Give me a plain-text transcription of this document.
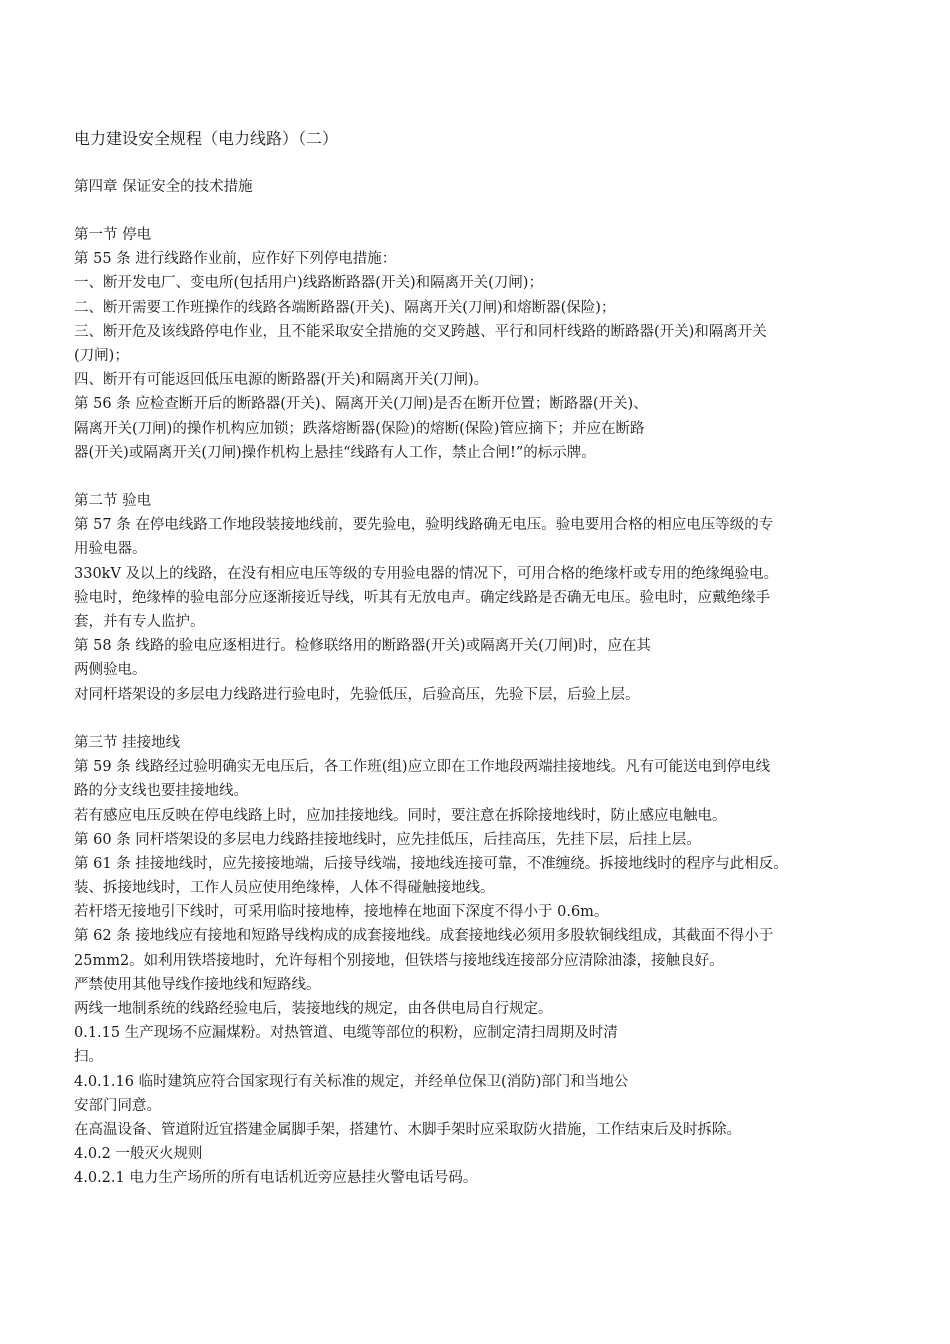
电力建设安全规程（电力线路）（二）
第四章 保证安全的技术措施
第一节 停电
第 55 条 进行线路作业前，应作好下列停电措施：
一、断开发电厂、变电所(包括用户)线路断路器(开关)和隔离开关(刀闸)；
二、断开需要工作班操作的线路各端断路器(开关)、隔离开关(刀闸)和熔断器(保险)；
三、断开危及该线路停电作业，且不能采取安全措施的交叉跨越、平行和同杆线路的断路器(开关)和隔离开关
(刀闸)；
四、断开有可能返回低压电源的断路器(开关)和隔离开关(刀闸)。
第 56 条 应检查断开后的断路器(开关)、隔离开关(刀闸)是否在断开位置；断路器(开关)、
隔离开关(刀闸)的操作机构应加锁；跌落熔断器(保险)的熔断(保险)管应摘下；并应在断路
器(开关)或隔离开关(刀闸)操作机构上悬挂“线路有人工作，禁止合闸!”的标示牌。
第二节 验电
第 57 条 在停电线路工作地段装接地线前，要先验电，验明线路确无电压。验电要用合格的相应电压等级的专
用验电器。
330kV 及以上的线路，在没有相应电压等级的专用验电器的情况下，可用合格的绝缘杆或专用的绝缘绳验电。
验电时，绝缘棒的验电部分应逐渐接近导线，听其有无放电声。确定线路是否确无电压。验电时，应戴绝缘手
套，并有专人监护。
第 58 条 线路的验电应逐相进行。检修联络用的断路器(开关)或隔离开关(刀闸)时，应在其
两侧验电。
对同杆塔架设的多层电力线路进行验电时，先验低压，后验高压，先验下层，后验上层。
第三节 挂接地线
第 59 条 线路经过验明确实无电压后，各工作班(组)应立即在工作地段两端挂接地线。凡有可能送电到停电线
路的分支线也要挂接地线。
若有感应电压反映在停电线路上时，应加挂接地线。同时，要注意在拆除接地线时，防止感应电触电。
第 60 条 同杆塔架设的多层电力线路挂接地线时，应先挂低压，后挂高压，先挂下层，后挂上层。
第 61 条 挂接地线时，应先接接地端，后接导线端，接地线连接可靠，不准缠绕。拆接地线时的程序与此相反。
装、拆接地线时，工作人员应使用绝缘棒，人体不得碰触接地线。
若杆塔无接地引下线时，可采用临时接地棒，接地棒在地面下深度不得小于 0.6m。
第 62 条 接地线应有接地和短路导线构成的成套接地线。成套接地线必须用多股软铜线组成，其截面不得小于
25mm2。如利用铁塔接地时，允许每相个别接地，但铁塔与接地线连接部分应清除油漆，接触良好。
严禁使用其他导线作接地线和短路线。
两线一地制系统的线路经验电后，装接地线的规定，由各供电局自行规定。
0.1.15 生产现场不应漏煤粉。对热管道、电缆等部位的积粉，应制定清扫周期及时清
扫。
4.0.1.16 临时建筑应符合国家现行有关标准的规定，并经单位保卫(消防)部门和当地公
安部门同意。
在高温设备、管道附近宜搭建金属脚手架，搭建竹、木脚手架时应采取防火措施，工作结束后及时拆除。
4.0.2 一般灭火规则
4.0.2.1 电力生产场所的所有电话机近旁应悬挂火警电话号码。
